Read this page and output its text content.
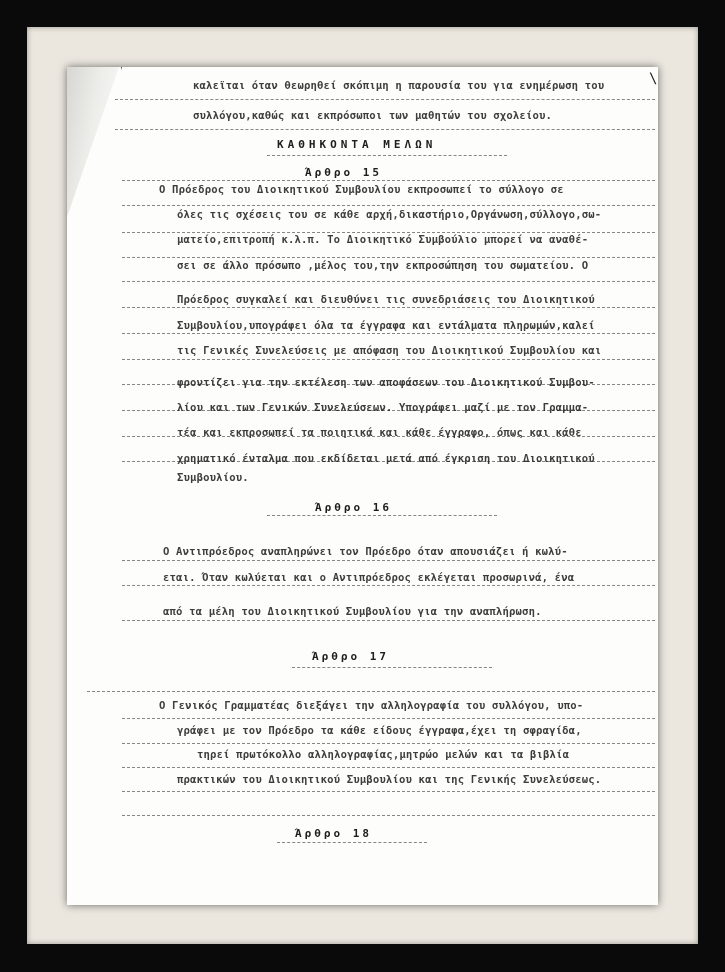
\
καλεϊται όταν θεωρηθεί σκόπιμη η παρουσία του για ενημέρωση του
συλλόγου,καθώς και εκπρόσωποι των μαθητών του σχολείου.
ΚΑΘΗΚΟΝΤΑ ΜΕΛΩΝ
Άρθρο 15
Ο Πρόεδρος του Διοικητικού Συμβουλίου εκπροσωπεί το σύλλογο σε
όλες τις σχέσεις του σε κάθε αρχή,δικαστήριο,Οργάνωση,σύλλογο,σω-
ματείο,επιτροπή κ.λ.π. Το Διοικητικό Συμβούλιο μπορεί να αναθέ-
σει σε άλλο πρόσωπο ,μέλος του,την εκπροσώπηση του σωματείου. Ο
Πρόεδρος συγκαλεί και διευθύνει τις συνεδριάσεις του Διοικητικού
Συμβουλίου,υπογράφει όλα τα έγγραφα και εντάλματα πληρωμών,καλεί
τις Γενικές Συνελεύσεις με απόφαση του Διοικητικού Συμβουλίου και
φροντίζει για την εκτέλεση των αποφάσεων του Διοικητικού Συμβου-
λίου και των Γενικών Συνελεύσεων. Υπογράφει μαζί με τον Γραμμα-
τέα και εκπροσωπεί τα ποιητικά και κάθε έγγραφο, όπως και κάθε
χρηματικό ένταλμα που εκδίδεται μετά από έγκριση του Διοικητικού
Συμβουλίου.
Άρθρο 16
Ο Αντιπρόεδρος αναπληρώνει τον Πρόεδρο όταν απουσιάζει ή κωλύ-
εται. Όταν κωλύεται και ο Αντιπρόεδρος εκλέγεται προσωρινά, ένα
από τα μέλη του Διοικητικού Συμβουλίου για την αναπλήρωση.
Άρθρο 17
Ο Γενικός Γραμματέας διεξάγει την αλληλογραφία του συλλόγου, υπο-
γράφει με τον Πρόεδρο τα κάθε είδους έγγραφα,έχει τη σφραγίδα,
τηρεί πρωτόκολλο αλληλογραφίας,μητρώο μελών και τα βιβλία
πρακτικών του Διοικητικού Συμβουλίου και της Γενικής Συνελεύσεως.
Άρθρο 18
